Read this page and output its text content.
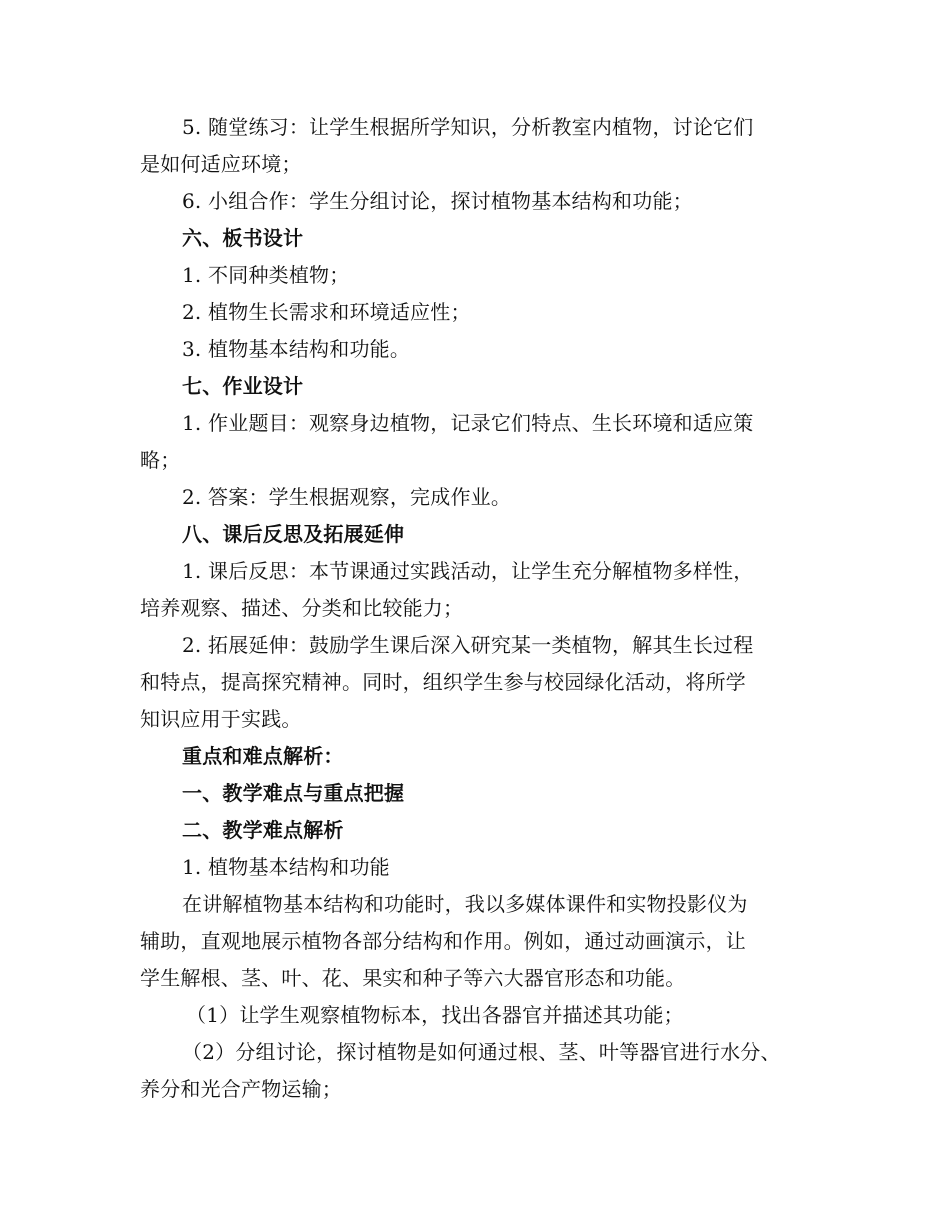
5. 随堂练习：让学生根据所学知识，分析教室内植物，讨论它们
是如何适应环境；
6. 小组合作：学生分组讨论，探讨植物基本结构和功能；
六、板书设计
1. 不同种类植物；
2. 植物生长需求和环境适应性；
3. 植物基本结构和功能。
七、作业设计
1. 作业题目：观察身边植物，记录它们特点、生长环境和适应策
略；
2. 答案：学生根据观察，完成作业。
八、课后反思及拓展延伸
1. 课后反思：本节课通过实践活动，让学生充分解植物多样性，
培养观察、描述、分类和比较能力；
2. 拓展延伸：鼓励学生课后深入研究某一类植物，解其生长过程
和特点，提高探究精神。同时，组织学生参与校园绿化活动，将所学
知识应用于实践。
重点和难点解析：
一、教学难点与重点把握
二、教学难点解析
1. 植物基本结构和功能
在讲解植物基本结构和功能时，我以多媒体课件和实物投影仪为
辅助，直观地展示植物各部分结构和作用。例如，通过动画演示，让
学生解根、茎、叶、花、果实和种子等六大器官形态和功能。
（1）让学生观察植物标本，找出各器官并描述其功能；
（2）分组讨论，探讨植物是如何通过根、茎、叶等器官进行水分、
养分和光合产物运输；
